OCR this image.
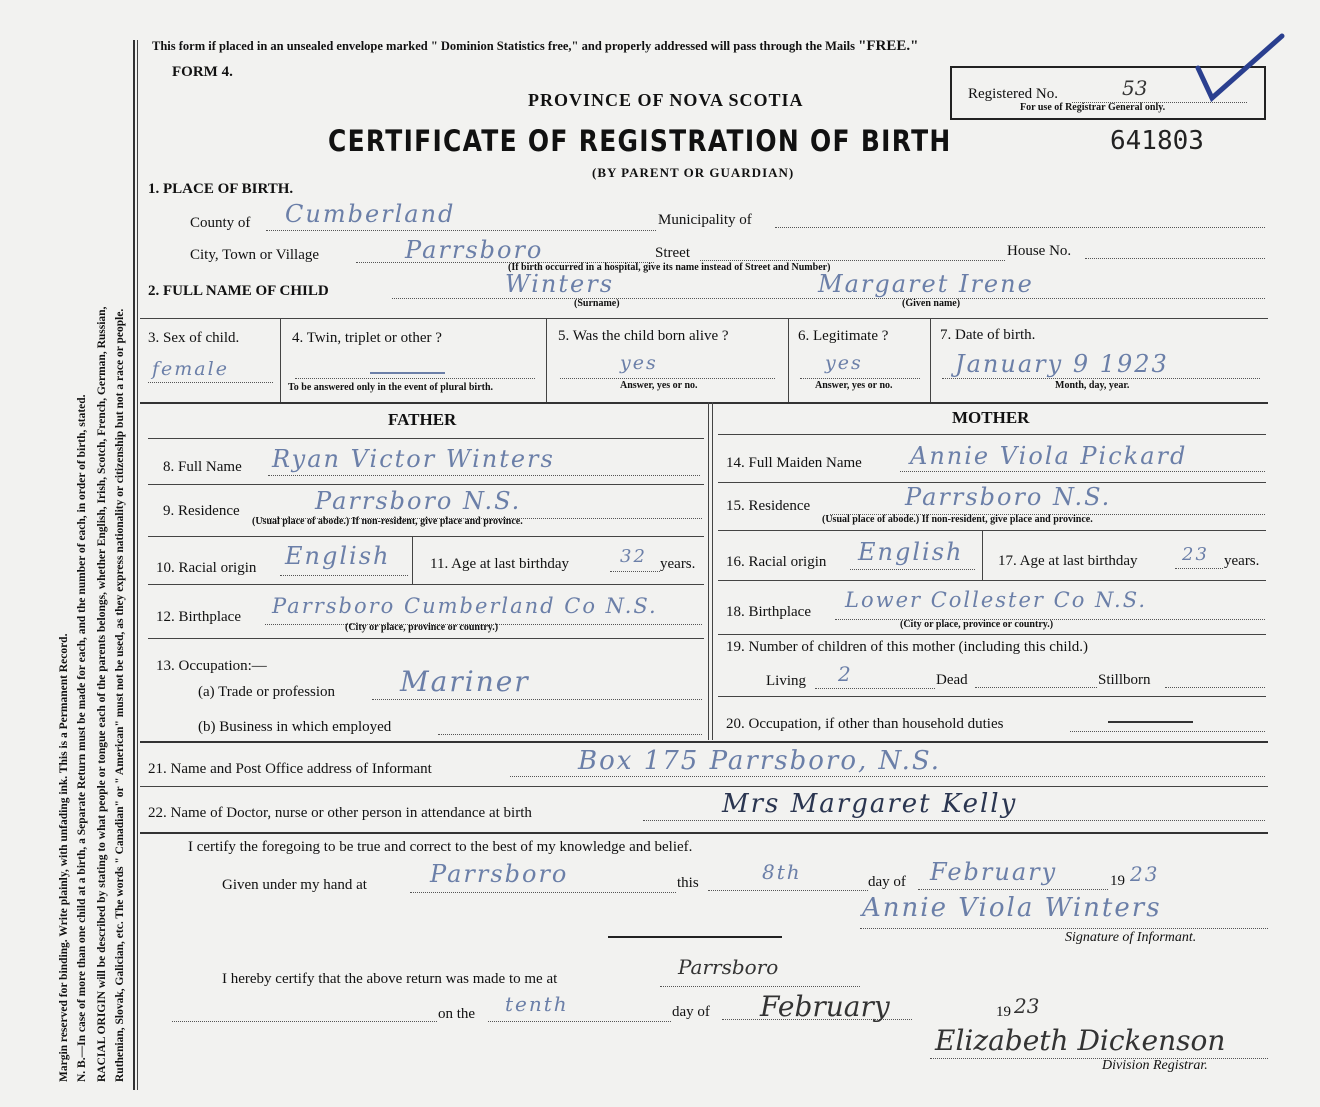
Margin reserved for binding. Write plainly, with unfading ink. This is a Permanent Record. N. B.—In case of more than one child at a birth, a Separate Return must be made for each, and the number of each, in order of birth, stated. RACIAL ORIGIN will be described by stating to what people or tongue each of the parents belongs, whether English, Irish, Scotch, French, German, Russian, Ruthenian, Slovak, Galician, etc. The words " Canadian" or " American" must not be used, as they express nationality or citizenship but not a race or people.
This form if placed in an unsealed envelope marked " Dominion Statistics free," and properly addressed will pass through the Mails "FREE."
FORM 4.
PROVINCE OF NOVA SCOTIA
CERTIFICATE OF REGISTRATION OF BIRTH	641803
(BY PARENT OR GUARDIAN)
Registered No.	53
For use of Registrar General only.
1. PLACE OF BIRTH.
County of Cumberland	Municipality of
City, Town or Village	Parrsboro	Street	House No.
(If birth occurred in a hospital, give its name instead of Street and Number)
2. FULL NAME OF CHILD	Winters	Margaret Irene
(Surname)	(Given name)
3. Sex of child.
female
4. Twin, triplet or other ?
To be answered only in the event of plural birth.
5. Was the child born alive ?
yes
Answer, yes or no.
6. Legitimate ?
yes
Answer, yes or no.
7. Date of birth.
January 9 1923
Month, day, year.
FATHER	MOTHER
8. Full Name Ryan Victor Winters
9. Residence	Parrsboro N.S.
(Usual place of abode.) If non-resident, give place and province.
10. Racial origin English	11. Age at last birthday	32 years.
12. Birthplace Parrsboro Cumberland Co N.S.
(City or place, province or country.)
13. Occupation:—
(a) Trade or profession Mariner
(b) Business in which employed
14. Full Maiden Name Annie Viola Pickard
15. Residence	Parrsboro N.S.
(Usual place of abode.) If non-resident, give place and province.
16. Racial origin English 17. Age at last birthday 23 years.
18. Birthplace Lower Collester Co N.S.
(City or place, province or country.)
19. Number of children of this mother (including this child.)
Living 2	Dead	Stillborn
20. Occupation, if other than household duties
21. Name and Post Office address of Informant	Box 175 Parrsboro, N.S.
22. Name of Doctor, nurse or other person in attendance at birth	Mrs Margaret Kelly
I certify the foregoing to be true and correct to the best of my knowledge and belief.
Given under my hand at	Parrsboro	this	8th	day of February	19 23
Annie Viola Winters
Signature of Informant.
I hereby certify that the above return was made to me at	Parrsboro
on the tenth	day of February	19 23
Elizabeth Dickenson
Division Registrar.
